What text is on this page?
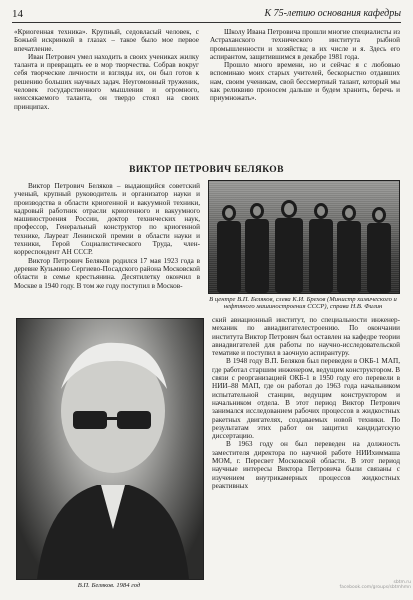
14	К 75-летию основания кафедры

«Криогенная техника». Крупный, седовласый человек, с Божьей искринкой в глазах – такое было мое первое впечатление.

Иван Петрович умел находить в своих учениках жилку таланта и превращать ее в мор творчества. Собрав вокруг себя творческие личности и взгляды их, он был готов к решению больших научных задач. Неугомонный труженик, человек государственного мышления и огромного, неиссякаемого таланта, он твердо стоял на своих принципах.

Школу Ивана Петровича прошли многие специалисты из Астраханского технического института рыбной промышленности и хозяйства; в их числе и я. Здесь его аспирантом, защитившимся в декабре 1981 года.

Прошло много времени, но и сейчас я с любовью вспоминаю моих старых учителей, бескорыстно отдавших нам, своим ученикам, свой бессмертный талант, который мы как реликвию проносем дальше и будем хранить, беречь и приумножать».

ВИКТОР ПЕТРОВИЧ БЕЛЯКОВ

Виктор Петрович Беляков – выдающийся советский ученый, крупный руководитель и организатор науки и производства в области криогенной и вакуумной техники, кадровый работник отрасли криогенного и вакуумного машиностроения России, доктор технических наук, профессор, Генеральный конструктор по криогенной технике, Лауреат Ленинской премии в области науки и техники, Герой Социалистического Труда, член-корреспондент АН СССР.

Виктор Петрович Беляков родился 17 мая 1923 года в деревне Кузьмино Сергиево-Посадского района Московской области в семье крестьянина. Десятилетку окончил в Москве в 1940 году. В том же году поступил в Москов-

В центре В.П. Беляков, слева К.И. Брехов (Министр химического и нефтяного машиностроения СССР), справа Н.В. Филин

В.П. Беляков. 1984 год

ский авиационный институт, по специальности инженер-механик по авиадвигателестроению. По окончании института Виктор Петрович был оставлен на кафедре теории авиадвигателей для работы по научно-исследовательской тематике и поступил в заочную аспирантуру.

В 1948 году В.П. Беляков был переведен в ОКБ-1 МАП, где работал старшим инженером, ведущим конструктором. В связи с реорганизацией ОКБ-1 в 1950 году его перевели в НИИ–88 МАП, где он работал до 1963 года начальником испытательной станции, ведущим конструктором и начальником отдела. В этот период Виктор Петрович занимался исследованием рабочих процессов в жидкостных ракетных двигателях, создаваемых новой техники. По результатам этих работ он защитил кандидатскую диссертацию.

В 1963 году он был переведен на должность заместителя директора по научной работе НИИхиммаша МОМ, г. Пересвет Московской области. В этот период научные интересы Виктора Петровича были связаны с изучением внутрикамерных процессов жидкостных реактивных

sbtm.ru
facebook.com/groups/sbtmhmn
